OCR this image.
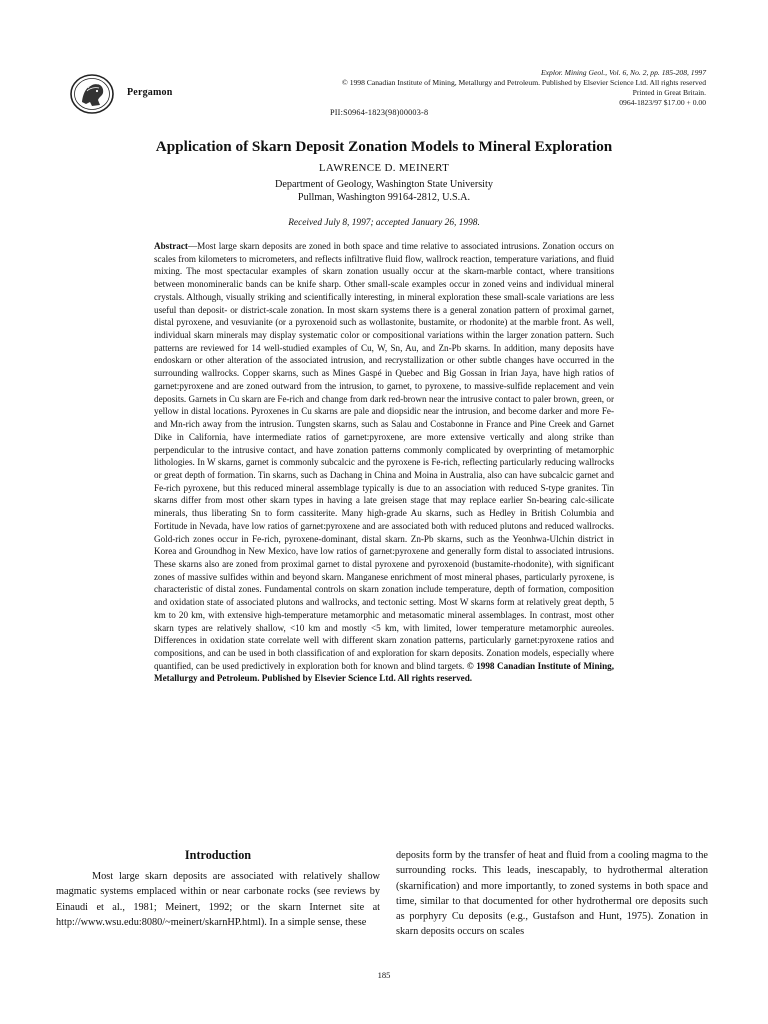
Pergamon
Explor. Mining Geol., Vol. 6, No. 2, pp. 185-208, 1997
© 1998 Canadian Institute of Mining, Metallurgy and Petroleum. Published by Elsevier Science Ltd. All rights reserved
Printed in Great Britain.
0964-1823/97 $17.00 + 0.00
PII:S0964-1823(98)00003-8
Application of Skarn Deposit Zonation Models to Mineral Exploration
LAWRENCE D. MEINERT
Department of Geology, Washington State University
Pullman, Washington 99164-2812, U.S.A.
Received July 8, 1997; accepted January 26, 1998.

Abstract—Most large skarn deposits are zoned in both space and time relative to associated intrusions. Zonation occurs on scales from kilometers to micrometers, and reflects infiltrative fluid flow, wallrock reaction, temperature variations, and fluid mixing. The most spectacular examples of skarn zonation usually occur at the skarn-marble contact, where transitions between monomineralic bands can be knife sharp. Other small-scale examples occur in zoned veins and individual mineral crystals. Although, visually striking and scientifically interesting, in mineral exploration these small-scale variations are less useful than deposit- or district-scale zonation. In most skarn systems there is a general zonation pattern of proximal garnet, distal pyroxene, and vesuvianite (or a pyroxenoid such as wollastonite, bustamite, or rhodonite) at the marble front. As well, individual skarn minerals may display systematic color or compositional variations within the larger zonation pattern. Such patterns are reviewed for 14 well-studied examples of Cu, W, Sn, Au, and Zn-Pb skarns. In addition, many deposits have endoskarn or other alteration of the associated intrusion, and recrystallization or other subtle changes have occurred in the surrounding wallrocks. Copper skarns, such as Mines Gaspé in Quebec and Big Gossan in Irian Jaya, have high ratios of garnet:pyroxene and are zoned outward from the intrusion, to garnet, to pyroxene, to massive-sulfide replacement and vein deposits. Garnets in Cu skarn are Fe-rich and change from dark red-brown near the intrusive contact to paler brown, green, or yellow in distal locations. Pyroxenes in Cu skarns are pale and diopsidic near the intrusion, and become darker and more Fe- and Mn-rich away from the intrusion. Tungsten skarns, such as Salau and Costabonne in France and Pine Creek and Garnet Dike in California, have intermediate ratios of garnet:pyroxene, are more extensive vertically and along strike than perpendicular to the intrusive contact, and have zonation patterns commonly complicated by overprinting of metamorphic lithologies. In W skarns, garnet is commonly subcalcic and the pyroxene is Fe-rich, reflecting particularly reducing wallrocks or great depth of formation. Tin skarns, such as Dachang in China and Moina in Australia, also can have subcalcic garnet and Fe-rich pyroxene, but this reduced mineral assemblage typically is due to an association with reduced S-type granites. Tin skarns differ from most other skarn types in having a late greisen stage that may replace earlier Sn-bearing calc-silicate minerals, thus liberating Sn to form cassiterite. Many high-grade Au skarns, such as Hedley in British Columbia and Fortitude in Nevada, have low ratios of garnet:pyroxene and are associated both with reduced plutons and reduced wallrocks. Gold-rich zones occur in Fe-rich, pyroxene-dominant, distal skarn. Zn-Pb skarns, such as the Yeonhwa-Ulchin district in Korea and Groundhog in New Mexico, have low ratios of garnet:pyroxene and generally form distal to associated intrusions. These skarns also are zoned from proximal garnet to distal pyroxene and pyroxenoid (bustamite-rhodonite), with significant zones of massive sulfides within and beyond skarn. Manganese enrichment of most mineral phases, particularly pyroxene, is characteristic of distal zones. Fundamental controls on skarn zonation include temperature, depth of formation, composition and oxidation state of associated plutons and wallrocks, and tectonic setting. Most W skarns form at relatively great depth, 5 km to 20 km, with extensive high-temperature metamorphic and metasomatic mineral assemblages. In contrast, most other skarn types are relatively shallow, <10 km and mostly <5 km, with limited, lower temperature metamorphic aureoles. Differences in oxidation state correlate well with different skarn zonation patterns, particularly garnet:pyroxene ratios and compositions, and can be used in both classification of and exploration for skarn deposits. Zonation models, especially where quantified, can be used predictively in exploration both for known and blind targets. © 1998 Canadian Institute of Mining, Metallurgy and Petroleum. Published by Elsevier Science Ltd. All rights reserved.

Introduction

Most large skarn deposits are associated with relatively shallow magmatic systems emplaced within or near carbonate rocks (see reviews by Einaudi et al., 1981; Meinert, 1992; or the skarn Internet site at http://www.wsu.edu:8080/~meinert/skarnHP.html). In a simple sense, these

deposits form by the transfer of heat and fluid from a cooling magma to the surrounding rocks. This leads, inescapably, to hydrothermal alteration (skarnification) and more importantly, to zoned systems in both space and time, similar to that documented for other hydrothermal ore deposits such as porphyry Cu deposits (e.g., Gustafson and Hunt, 1975). Zonation in skarn deposits occurs on scales

185
